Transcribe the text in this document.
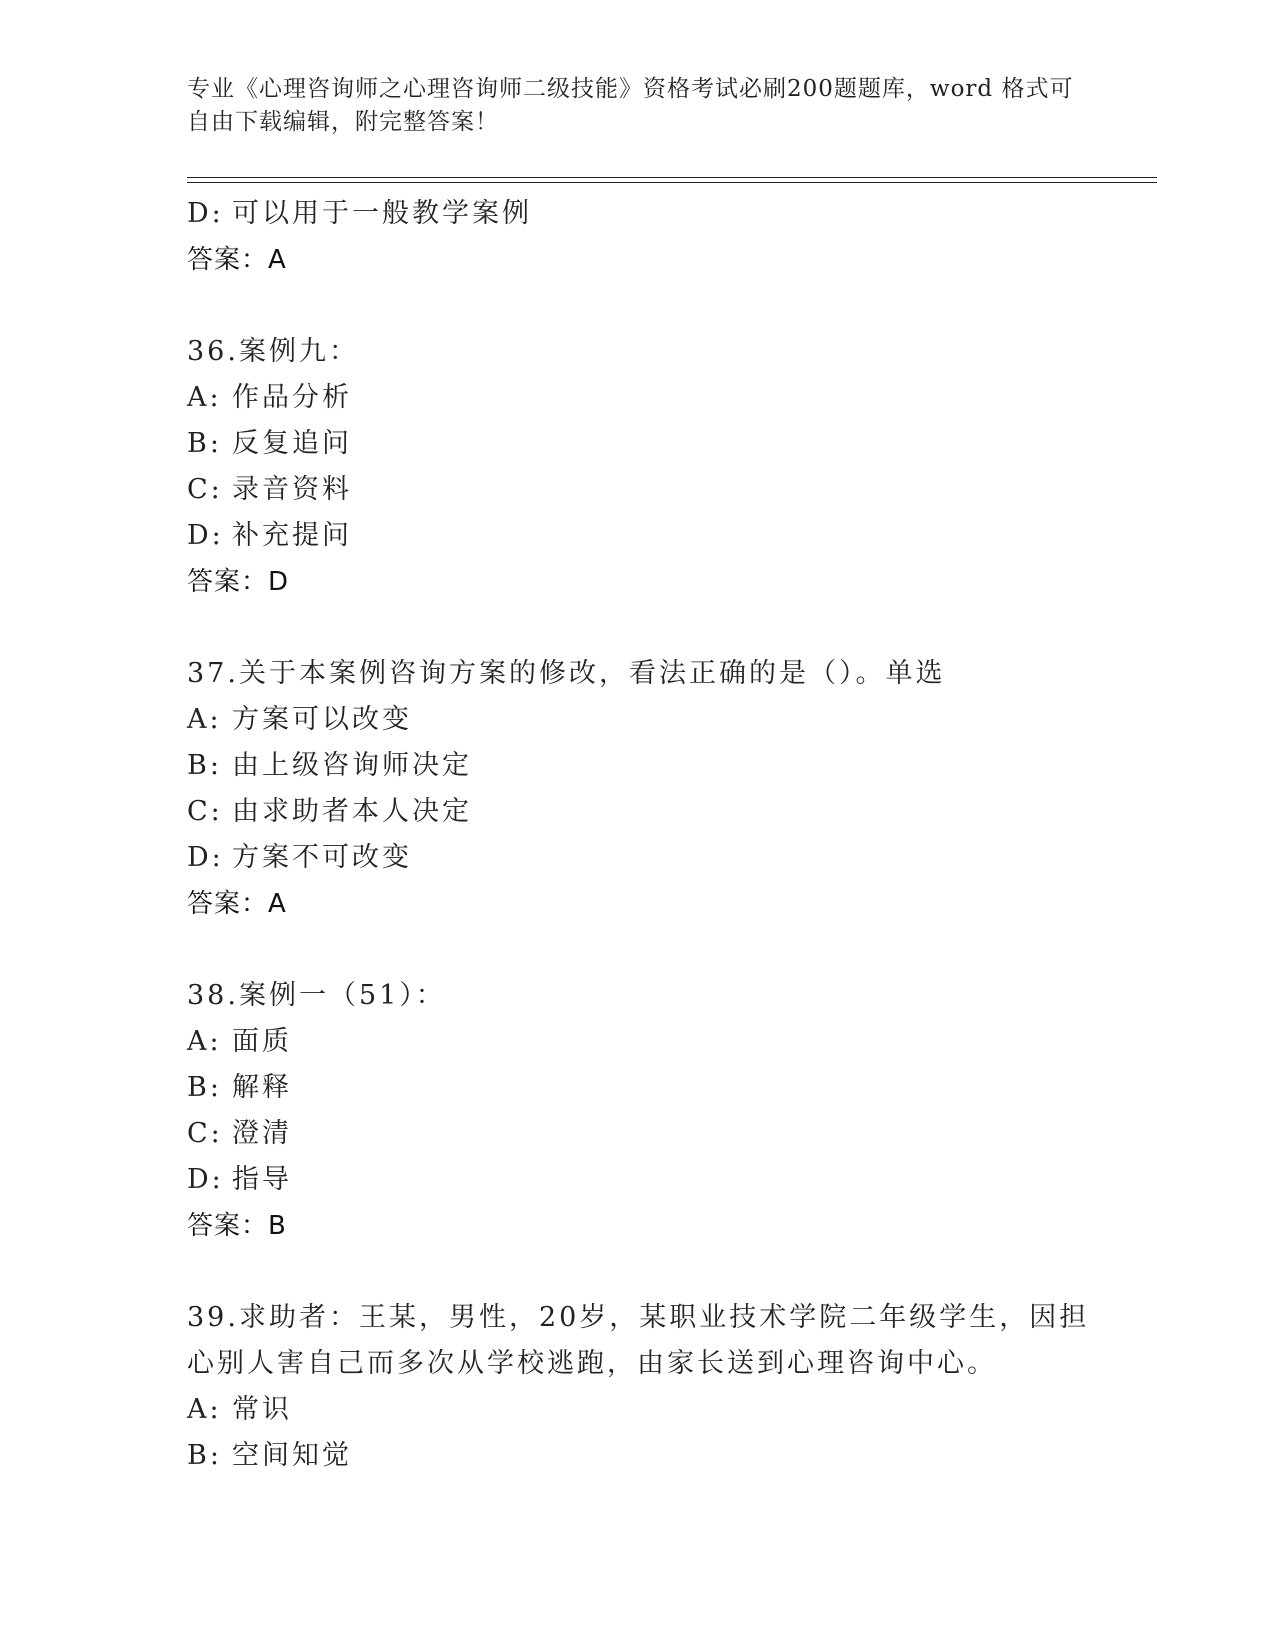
专业《心理咨询师之心理咨询师二级技能》资格考试必刷200题题库，word 格式可自由下载编辑，附完整答案！
D: 可以用于一般教学案例
答案：A
36.案例九：
A: 作品分析
B: 反复追问
C: 录音资料
D: 补充提问
答案：D
37.关于本案例咨询方案的修改，看法正确的是（）。单选
A: 方案可以改变
B: 由上级咨询师决定
C: 由求助者本人决定
D: 方案不可改变
答案：A
38.案例一（51）：
A: 面质
B: 解释
C: 澄清
D: 指导
答案：B
39.求助者：王某，男性，20岁，某职业技术学院二年级学生，因担心别人害自己而多次从学校逃跑，由家长送到心理咨询中心。
A: 常识
B: 空间知觉
